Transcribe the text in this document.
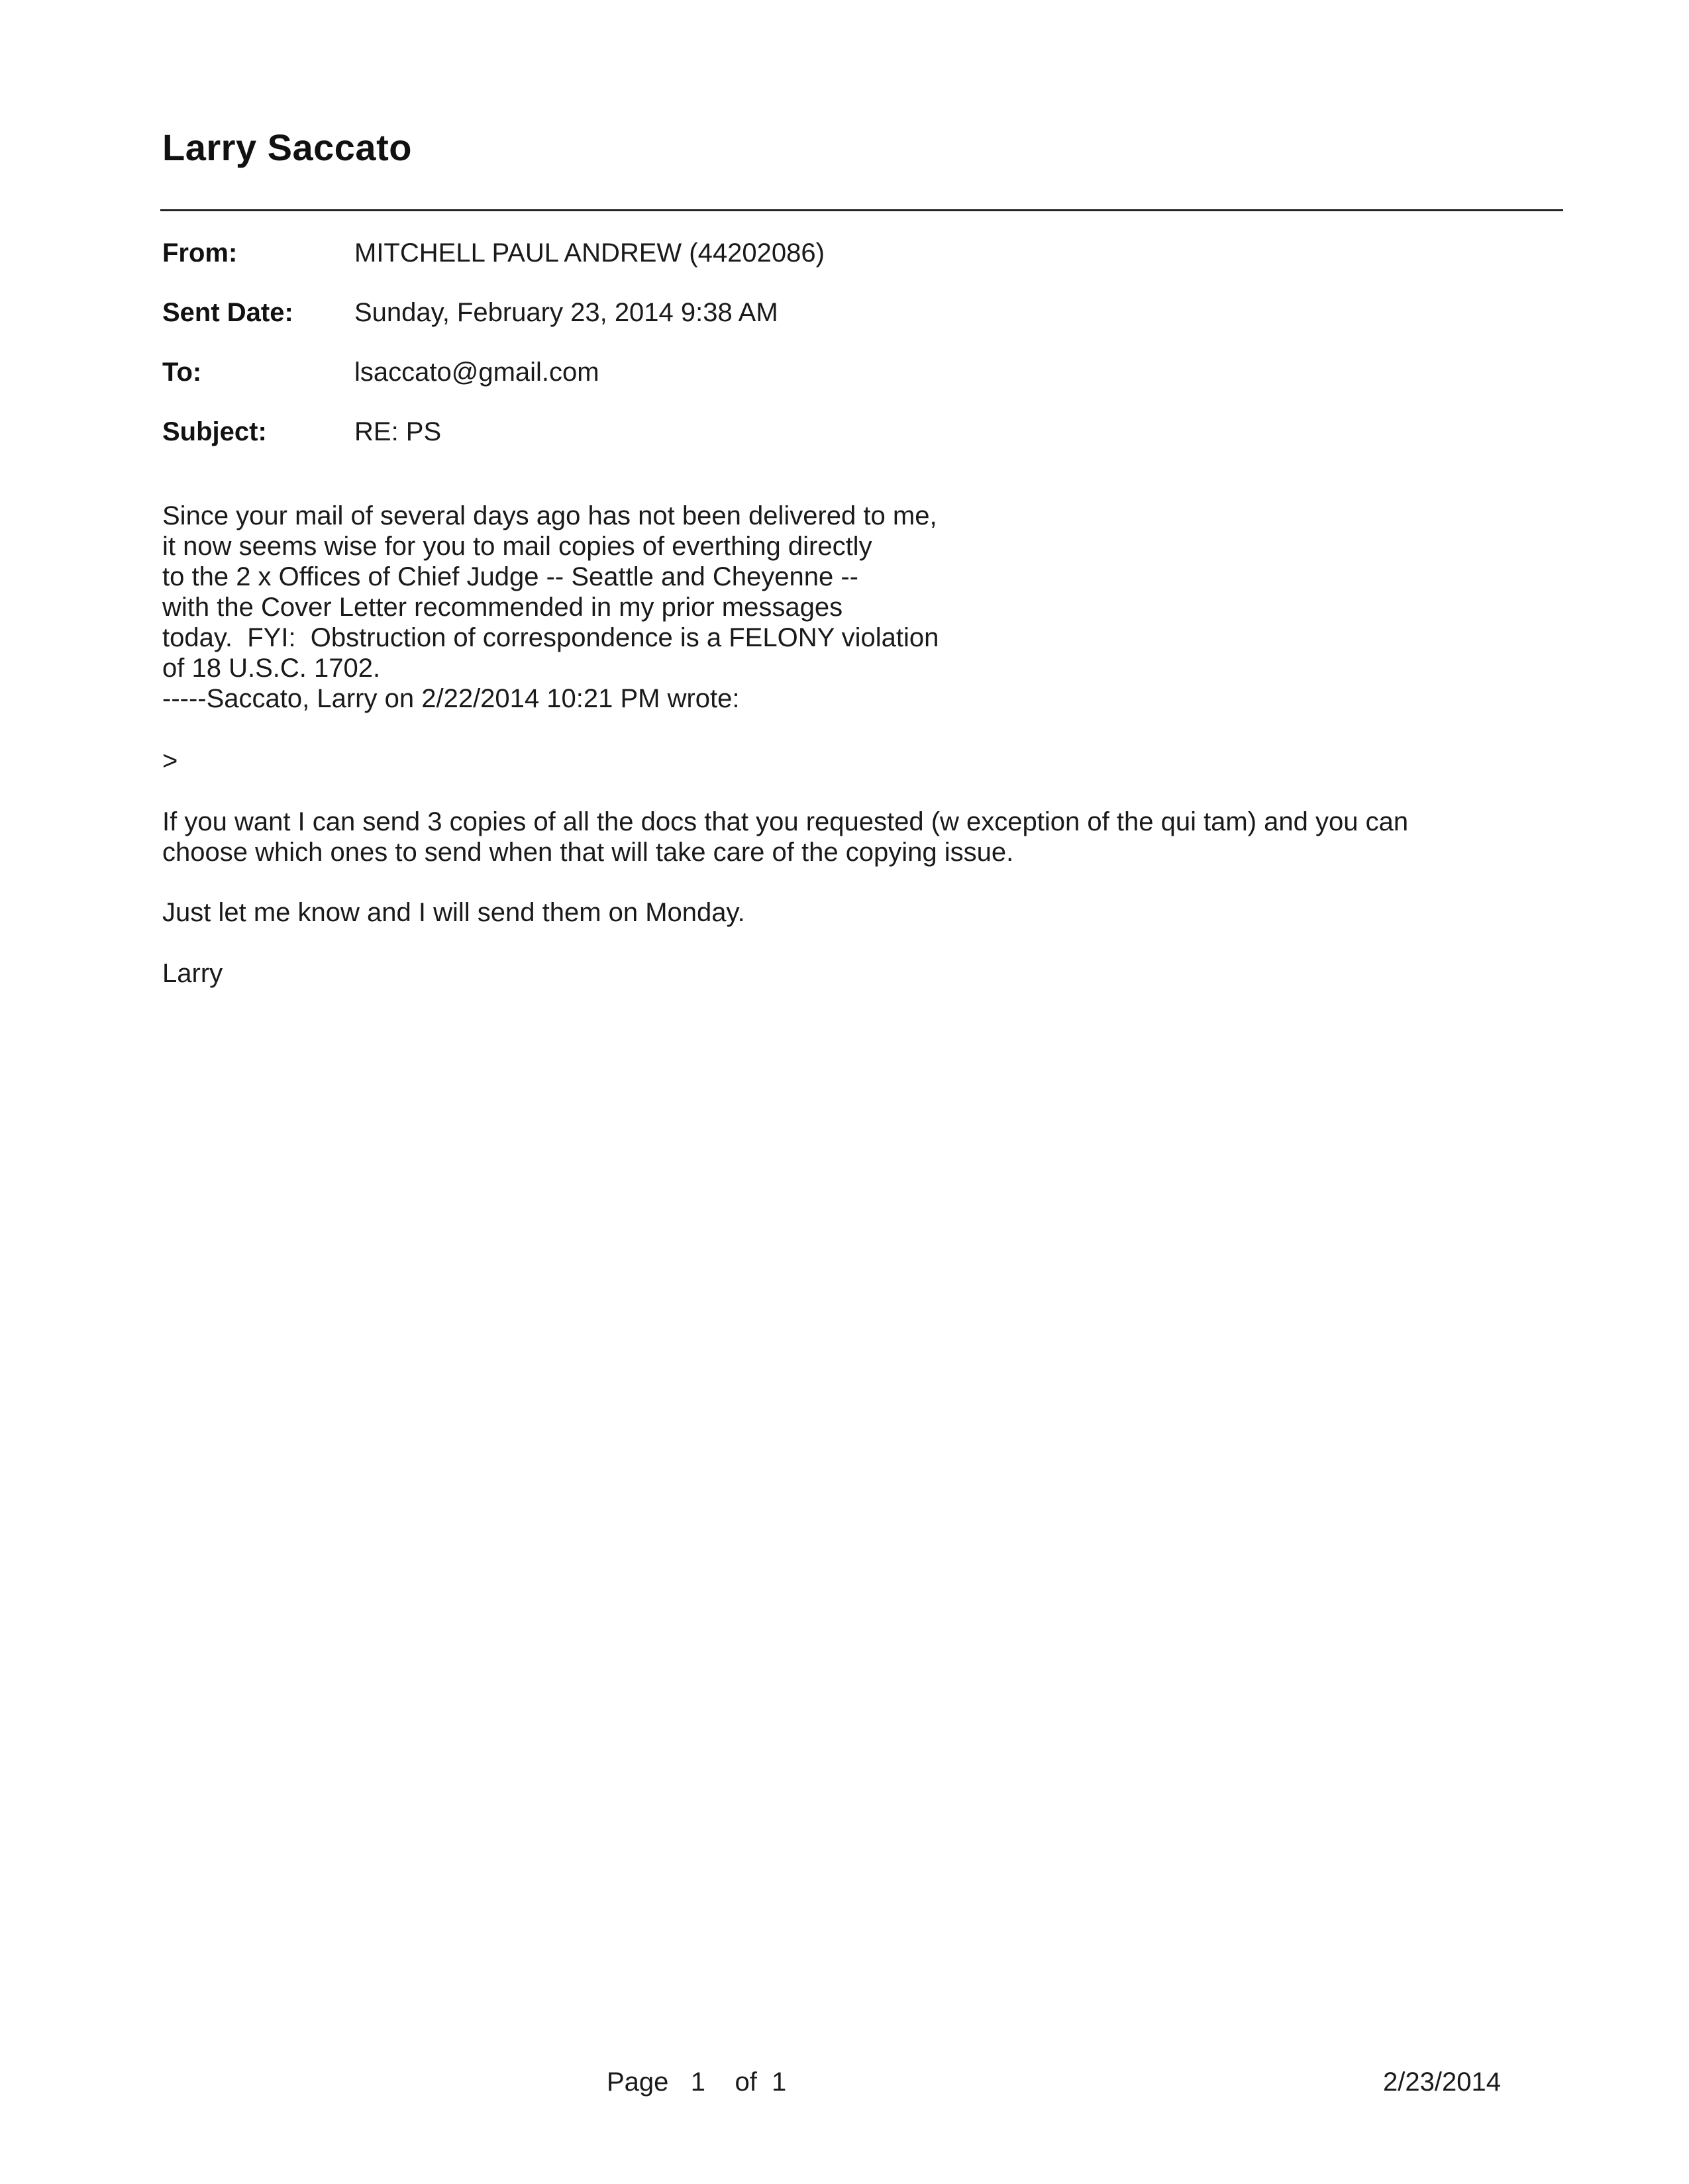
Larry Saccato
From:	MITCHELL PAUL ANDREW (44202086)
Sent Date: Sunday, February 23, 2014 9:38 AM
To:	lsaccato@gmail.com
Subject:	RE: PS
Since your mail of several days ago has not been delivered to me,
it now seems wise for you to mail copies of everthing directly
to the 2 x Offices of Chief Judge -- Seattle and Cheyenne --
with the Cover Letter recommended in my prior messages
today.  FYI:  Obstruction of correspondence is a FELONY violation
of 18 U.S.C. 1702.
-----Saccato, Larry on 2/22/2014 10:21 PM wrote:
>
If you want I can send 3 copies of all the docs that you requested (w exception of the qui tam) and you can
choose which ones to send when that will take care of the copying issue.
Just let me know and I will send them on Monday.
Larry
Page   1    of  1	2/23/2014
